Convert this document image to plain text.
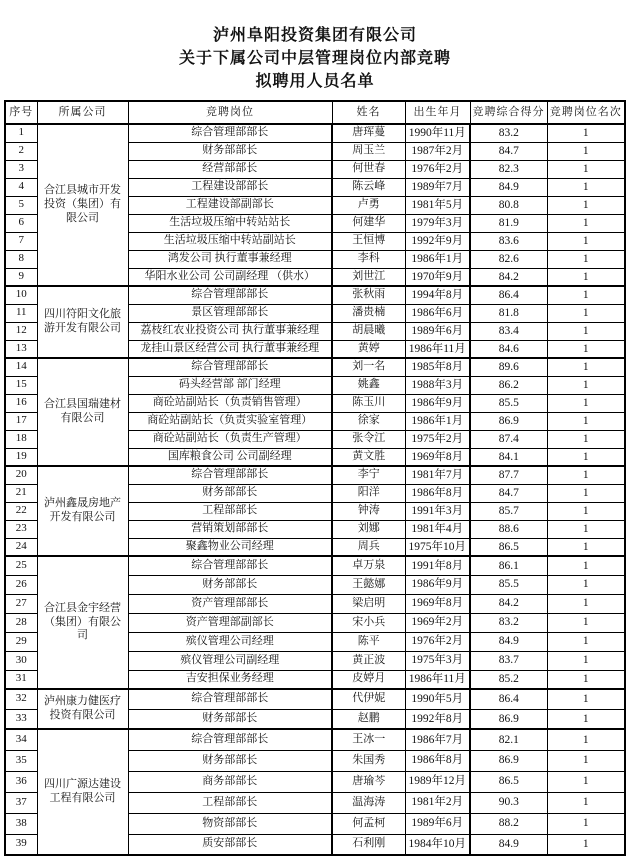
泸州阜阳投资集团有限公司
关于下属公司中层管理岗位内部竞聘
拟聘用人员名单
序号	所属公司	竞聘岗位	姓名	出生年月	竞聘综合得分	竞聘岗位名次
1	合江县城市开发投资（集团）有限公司	综合管理部部长	唐珲蔓	1990年11月	83.2	1
2		财务部部长	周玉兰	1987年2月	84.7	1
3		经营部部长	何世春	1976年2月	82.3	1
4		工程建设部部长	陈云峰	1989年7月	84.9	1
5		工程建设部副部长	卢勇	1981年5月	80.8	1
6		生活垃圾压缩中转站站长	何建华	1979年3月	81.9	1
7		生活垃圾压缩中转站副站长	王恒博	1992年9月	83.6	1
8		鸿发公司 执行董事兼经理	李科	1986年1月	82.6	1
9		华阳水业公司 公司副经理 （供水）	刘世江	1970年9月	84.2	1
10	四川符阳文化旅游开发有限公司	综合管理部部长	张秋雨	1994年8月	86.4	1
11		景区管理部部长	潘贵楠	1986年6月	81.8	1
12		荔枝红农业投资公司 执行董事兼经理	胡晨曦	1989年6月	83.4	1
13		龙挂山景区经营公司 执行董事兼经理	黄婷	1986年11月	84.6	1
14	合江县国瑞建材有限公司	综合管理部部长	刘一名	1985年8月	89.6	1
15		码头经营部 部门经理	姚鑫	1988年3月	86.2	1
16		商砼站副站长（负责销售管理）	陈玉川	1986年9月	85.5	1
17		商砼站副站长（负责实验室管理）	徐家	1986年1月	86.9	1
18		商砼站副站长（负责生产管理）	张令江	1975年2月	87.4	1
19		国库粮食公司 公司副经理	黄文胜	1969年8月	84.1	1
20	泸州鑫晟房地产开发有限公司	综合管理部部长	李宁	1981年7月	87.7	1
21		财务部部长	阳洋	1986年8月	84.7	1
22		工程部部长	钟涛	1991年3月	85.7	1
23		营销策划部部长	刘娜	1981年4月	88.6	1
24		聚鑫物业公司经理	周兵	1975年10月	86.5	1
25	合江县金宇经营（集团）有限公司	综合管理部部长	卓万泉	1991年8月	86.1	1
26		财务部部长	王懿娜	1986年9月	85.5	1
27		资产管理部部长	梁启明	1969年8月	84.2	1
28		资产管理部副部长	宋小兵	1969年2月	83.2	1
29		殡仪管理公司经理	陈平	1976年2月	84.9	1
30		殡仪管理公司副经理	黄正波	1975年3月	83.7	1
31		吉安担保业务经理	皮婷月	1986年11月	85.2	1
32	泸州康力健医疗投资有限公司	综合管理部部长	代伊妮	1990年5月	86.4	1
33		财务部部长	赵鹏	1992年8月	86.9	1
34	四川广源达建设工程有限公司	综合管理部部长	王冰一	1986年7月	82.1	1
35		财务部部长	朱国秀	1986年8月	86.9	1
36		商务部部长	唐瑜芩	1989年12月	86.5	1
37		工程部部长	温海涛	1981年2月	90.3	1
38		物资部部长	何孟柯	1989年6月	88.2	1
39		质安部部长	石利刚	1984年10月	84.9	1
